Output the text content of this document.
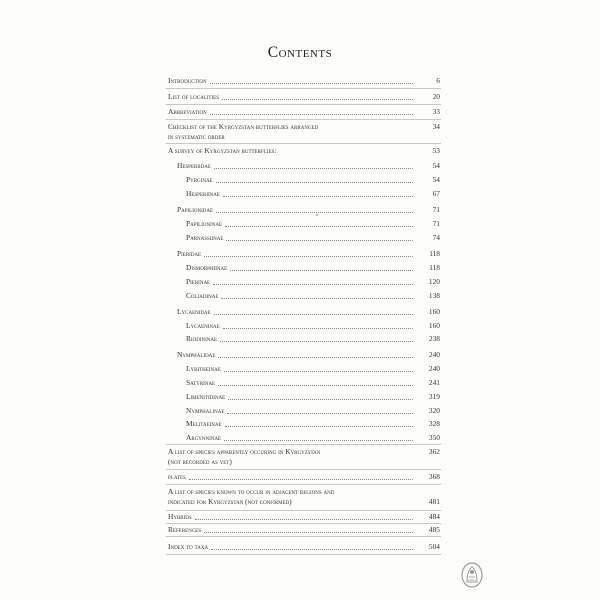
Contents
Introduction	6
List of localities	20
Abbreviation	33
Checklist of the Kyrgyzstan butterflies arranged	34
in systematic order
A survey of Kyrgyzstan butterflies:	53
Hesperiidae	54
Pyrginae	54
Hesperiinae	67
Papilionidae	71
Papilioninae	71
Parnassiinae	74
Pieridae	118
Dismorphiinae	118
Pierinae	120
Coliadinae	138
Lycaenidae	160
Lycaeninae	160
Riodininae	238
Nymphalidae	240
Lybitheinae	240
Satyrinae	241
Limenitidinae	319
Nymphalinae	320
Melitaeinae	328
Argynninae	350
A list of species apparently occuring in Kyrgyzstan	362
(not recorded as yet)
plates	368
A list of species known to occur in adjacent regions and
indicated for Kyrgyzstan (not confirmed)	481
Hybrids	484
References	485
Index to taxa	504
